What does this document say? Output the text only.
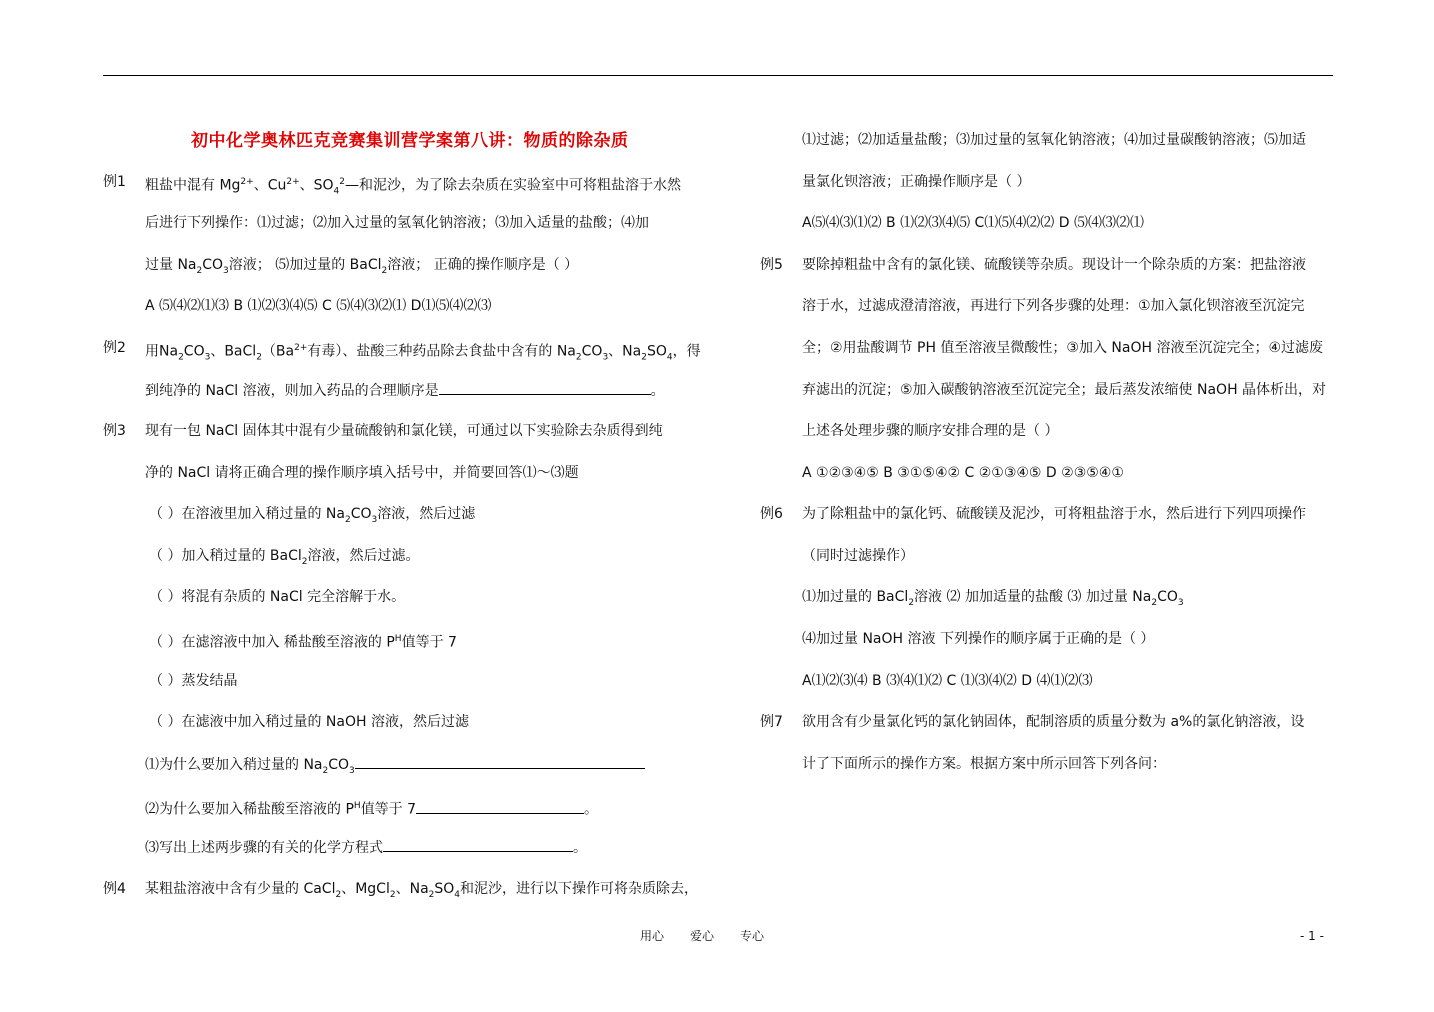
初中化学奥林匹克竞赛集训营学案第八讲：物质的除杂质
例1 粗盐中混有 $Mg^{2+}$、$Cu^{2+}$、$SO_4^2—$和泥沙，为了除去杂质在实验室中可将粗盐溶于水然
后进行下列操作：⑴过滤；⑵加入过量的氢氧化钠溶液；⑶加入适量的盐酸；⑷加
过量 $Na_2CO_3$溶液； ⑸加过量的 BaCl$_2$溶液； 正确的操作顺序是（ ）
A ⑸⑷⑵⑴⑶ B ⑴⑵⑶⑷⑸ C ⑸⑷⑶⑵⑴ D⑴⑸⑷⑵⑶
例2 用$Na_2CO_3$、$BaCl_2(Ba^{2+}$有毒）、盐酸三种药品除去食盐中含有的 $Na_2CO_3$、$Na_2SO_4$，得
到纯净的 NaCl 溶液，则加入药品的合理顺序是	。
例3 现有一包 NaCl 固体其中混有少量硫酸钠和氯化镁，可通过以下实验除去杂质得到纯
净的 NaCl 请将正确合理的操作顺序填入括号中，并简要回答⑴～⑶题
（ ）在溶液里加入稍过量的 $Na_2CO_3$溶液，然后过滤
（ ）加入稍过量的 BaCl$_2$溶液，然后过滤。
（ ）将混有杂质的 NaCl 完全溶解于水。
（ ）在滤溶液中加入 稀盐酸至溶液的 $P^H$值等于 7
（ ）蒸发结晶
（ ）在滤液中加入稍过量的 NaOH 溶液，然后过滤
⑴为什么要加入稍过量的 $Na_2CO_3$
⑵为什么要加入稀盐酸至溶液的 $P^H$值等于 7	。
⑶写出上述两步骤的有关的化学方程式	。
例4 某粗盐溶液中含有少量的 CaCl$_2$、MgCl$_2$、$Na_2SO_4$和泥沙，进行以下操作可将杂质除去，
⑴过滤；⑵加适量盐酸；⑶加过量的氢氧化钠溶液；⑷加过量碳酸钠溶液；⑸加适
量氯化钡溶液；正确操作顺序是（ ）
A⑸⑷⑶⑴⑵ B ⑴⑵⑶⑷⑸ C⑴⑸⑷⑵⑵ D ⑸⑷⑶⑵⑴
例5 要除掉粗盐中含有的氯化镁、硫酸镁等杂质。现设计一个除杂质的方案：把盐溶液
溶于水，过滤成澄清溶液，再进行下列各步骤的处理：①加入氯化钡溶液至沉淀完
全；②用盐酸调节 PH 值至溶液呈微酸性；③加入 NaOH 溶液至沉淀完全；④过滤废
弃滤出的沉淀；⑤加入碳酸钠溶液至沉淀完全；最后蒸发浓缩使 NaOH 晶体析出，对
上述各处理步骤的顺序安排合理的是（ ）
A ①②③④⑤ B ③①⑤④② C ②①③④⑤ D ②③⑤④①
例6 为了除粗盐中的氯化钙、硫酸镁及泥沙，可将粗盐溶于水，然后进行下列四项操作
（同时过滤操作）
⑴加过量的 BaCl$_2$溶液 ⑵ 加加适量的盐酸 ⑶ 加过量 $Na_2CO_3$
⑷加过量 NaOH 溶液 下列操作的顺序属于正确的是（ ）
A⑴⑵⑶⑷ B ⑶⑷⑴⑵ C ⑴⑶⑷⑵ D ⑷⑴⑵⑶
例7 欲用含有少量氯化钙的氯化钠固体，配制溶质的质量分数为 a%的氯化钠溶液，设
计了下面所示的操作方案。根据方案中所示回答下列各问：
用心 爱心 专心	- 1 -
